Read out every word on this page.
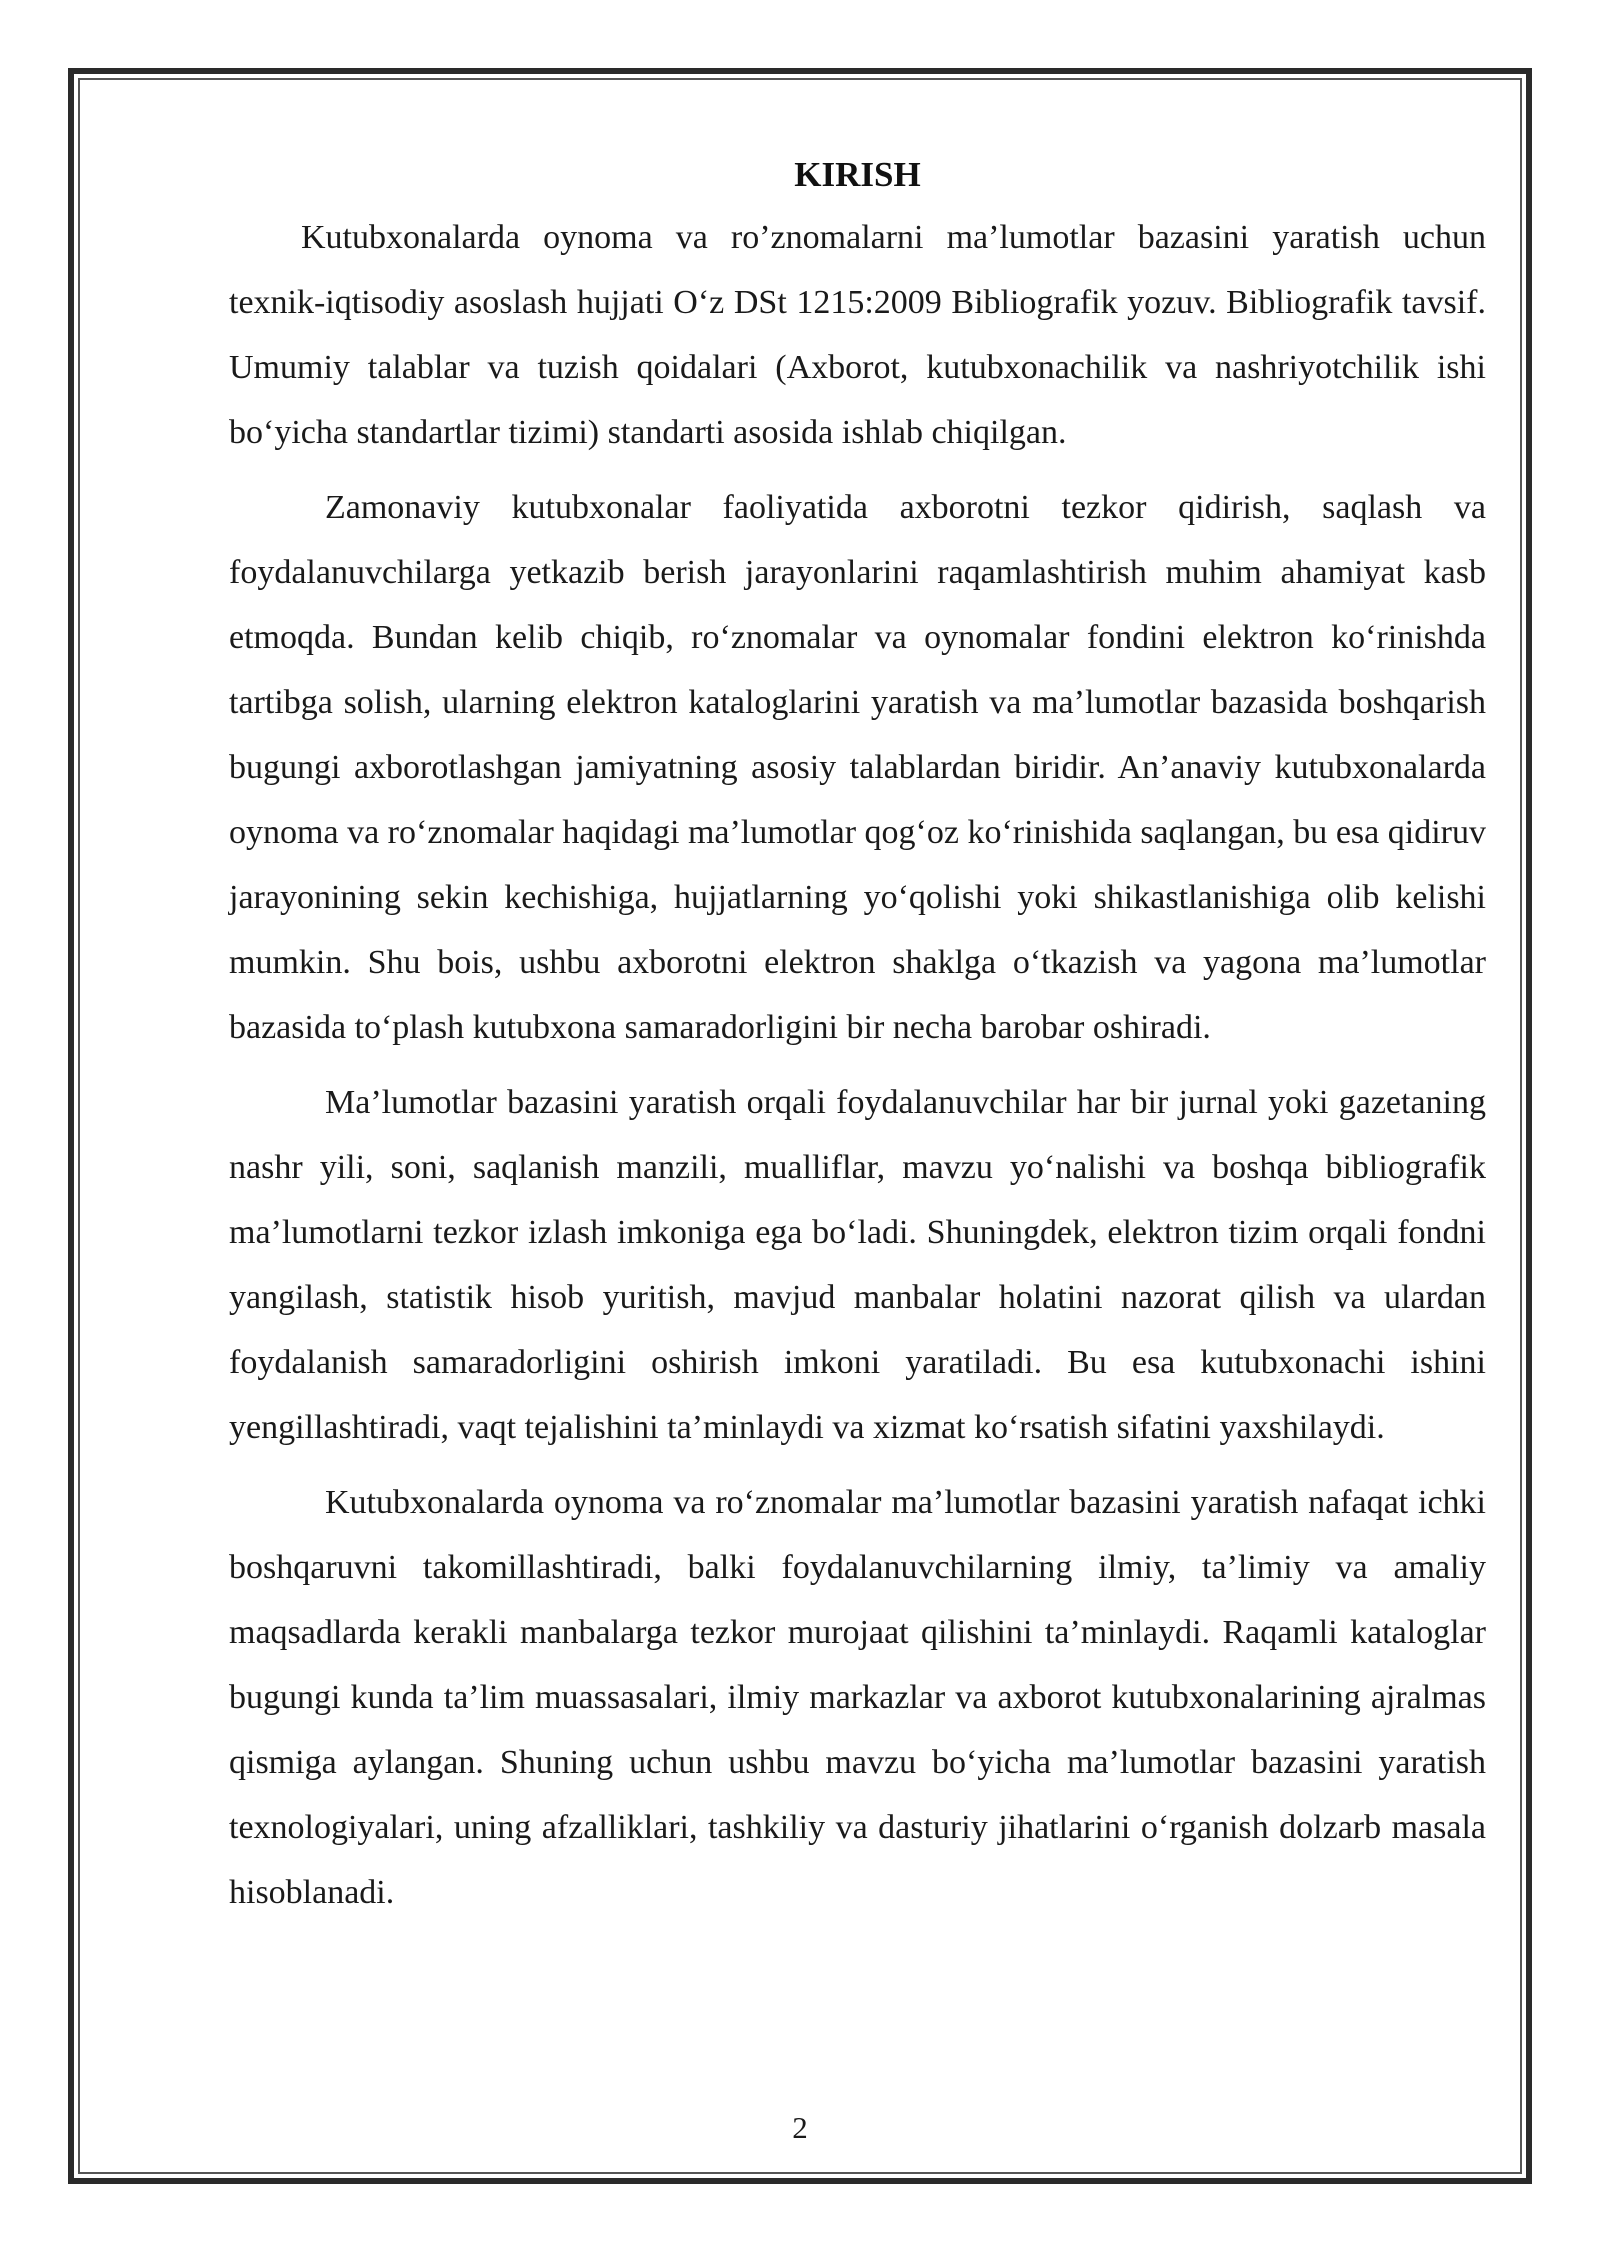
KIRISH

Kutubxonalarda oynoma va ro’znomalarni ma’lumotlar bazasini yaratish uchun texnik-iqtisodiy asoslash hujjati O‘z DSt 1215:2009 Bibliografik yozuv. Bibliografik tavsif. Umumiy talablar va tuzish qoidalari (Axborot, kutubxonachilik va nashriyotchilik ishi bo‘yicha standartlar tizimi) standarti asosida ishlab chiqilgan.

Zamonaviy kutubxonalar faoliyatida axborotni tezkor qidirish, saqlash va foydalanuvchilarga yetkazib berish jarayonlarini raqamlashtirish muhim ahamiyat kasb etmoqda. Bundan kelib chiqib, ro‘znomalar va oynomalar fondini elektron ko‘rinishda tartibga solish, ularning elektron kataloglarini yaratish va ma’lumotlar bazasida boshqarish bugungi axborotlashgan jamiyatning asosiy talablardan biridir. An’anaviy kutubxonalarda oynoma va ro‘znomalar haqidagi ma’lumotlar qog‘oz ko‘rinishida saqlangan, bu esa qidiruv jarayonining sekin kechishiga, hujjatlarning yo‘qolishi yoki shikastlanishiga olib kelishi mumkin. Shu bois, ushbu axborotni elektron shaklga o‘tkazish va yagona ma’lumotlar bazasida to‘plash kutubxona samaradorligini bir necha barobar oshiradi.

Ma’lumotlar bazasini yaratish orqali foydalanuvchilar har bir jurnal yoki gazetaning nashr yili, soni, saqlanish manzili, mualliflar, mavzu yo‘nalishi va boshqa bibliografik ma’lumotlarni tezkor izlash imkoniga ega bo‘ladi. Shuningdek, elektron tizim orqali fondni yangilash, statistik hisob yuritish, mavjud manbalar holatini nazorat qilish va ulardan foydalanish samaradorligini oshirish imkoni yaratiladi. Bu esa kutubxonachi ishini yengillashtiradi, vaqt tejalishini ta’minlaydi va xizmat ko‘rsatish sifatini yaxshilaydi.

Kutubxonalarda oynoma va ro‘znomalar ma’lumotlar bazasini yaratish nafaqat ichki boshqaruvni takomillashtiradi, balki foydalanuvchilarning ilmiy, ta’limiy va amaliy maqsadlarda kerakli manbalarga tezkor murojaat qilishini ta’minlaydi. Raqamli kataloglar bugungi kunda ta’lim muassasalari, ilmiy markazlar va axborot kutubxonalarining ajralmas qismiga aylangan. Shuning uchun ushbu mavzu bo‘yicha ma’lumotlar bazasini yaratish texnologiyalari, uning afzalliklari, tashkiliy va dasturiy jihatlarini o‘rganish dolzarb masala hisoblanadi.

2
